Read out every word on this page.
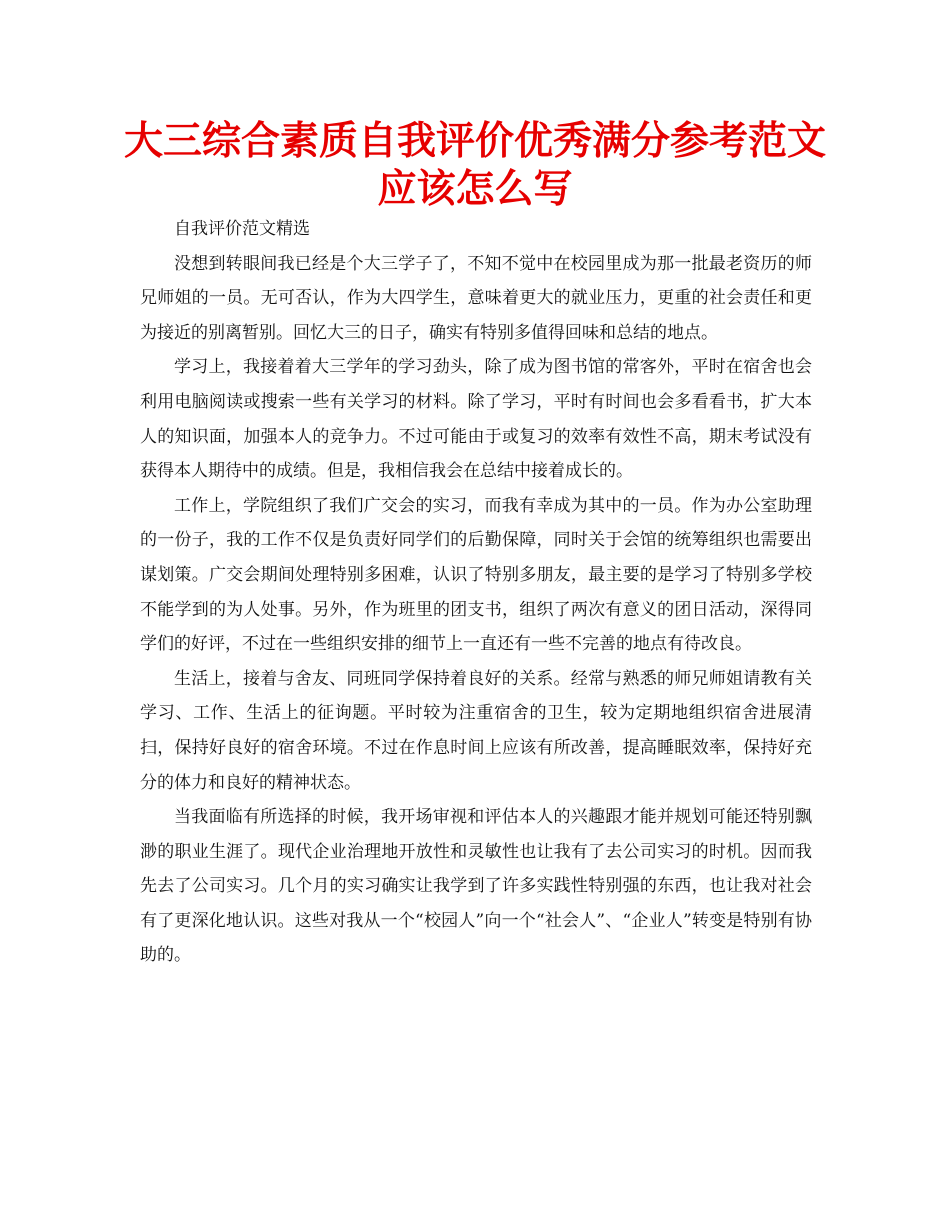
大三综合素质自我评价优秀满分参考范文
应该怎么写

自我评价范文精选

没想到转眼间我已经是个大三学子了，不知不觉中在校园里成为那一批最老资历的师兄师姐的一员。无可否认，作为大四学生，意味着更大的就业压力，更重的社会责任和更为接近的别离暂别。回忆大三的日子，确实有特别多值得回味和总结的地点。

学习上，我接着着大三学年的学习劲头，除了成为图书馆的常客外，平时在宿舍也会利用电脑阅读或搜索一些有关学习的材料。除了学习，平时有时间也会多看看书，扩大本人的知识面，加强本人的竞争力。不过可能由于或复习的效率有效性不高，期末考试没有获得本人期待中的成绩。但是，我相信我会在总结中接着成长的。

工作上，学院组织了我们广交会的实习，而我有幸成为其中的一员。作为办公室助理的一份子，我的工作不仅是负责好同学们的后勤保障，同时关于会馆的统筹组织也需要出谋划策。广交会期间处理特别多困难，认识了特别多朋友，最主要的是学习了特别多学校不能学到的为人处事。另外，作为班里的团支书，组织了两次有意义的团日活动，深得同学们的好评，不过在一些组织安排的细节上一直还有一些不完善的地点有待改良。

生活上，接着与舍友、同班同学保持着良好的关系。经常与熟悉的师兄师姐请教有关学习、工作、生活上的征询题。平时较为注重宿舍的卫生，较为定期地组织宿舍进展清扫，保持好良好的宿舍环境。不过在作息时间上应该有所改善，提高睡眠效率，保持好充分的体力和良好的精神状态。

当我面临有所选择的时候，我开场审视和评估本人的兴趣跟才能并规划可能还特别飘渺的职业生涯了。现代企业治理地开放性和灵敏性也让我有了去公司实习的时机。因而我先去了公司实习。几个月的实习确实让我学到了许多实践性特别强的东西，也让我对社会有了更深化地认识。这些对我从一个“校园人”向一个“社会人”、“企业人”转变是特别有协助的。
